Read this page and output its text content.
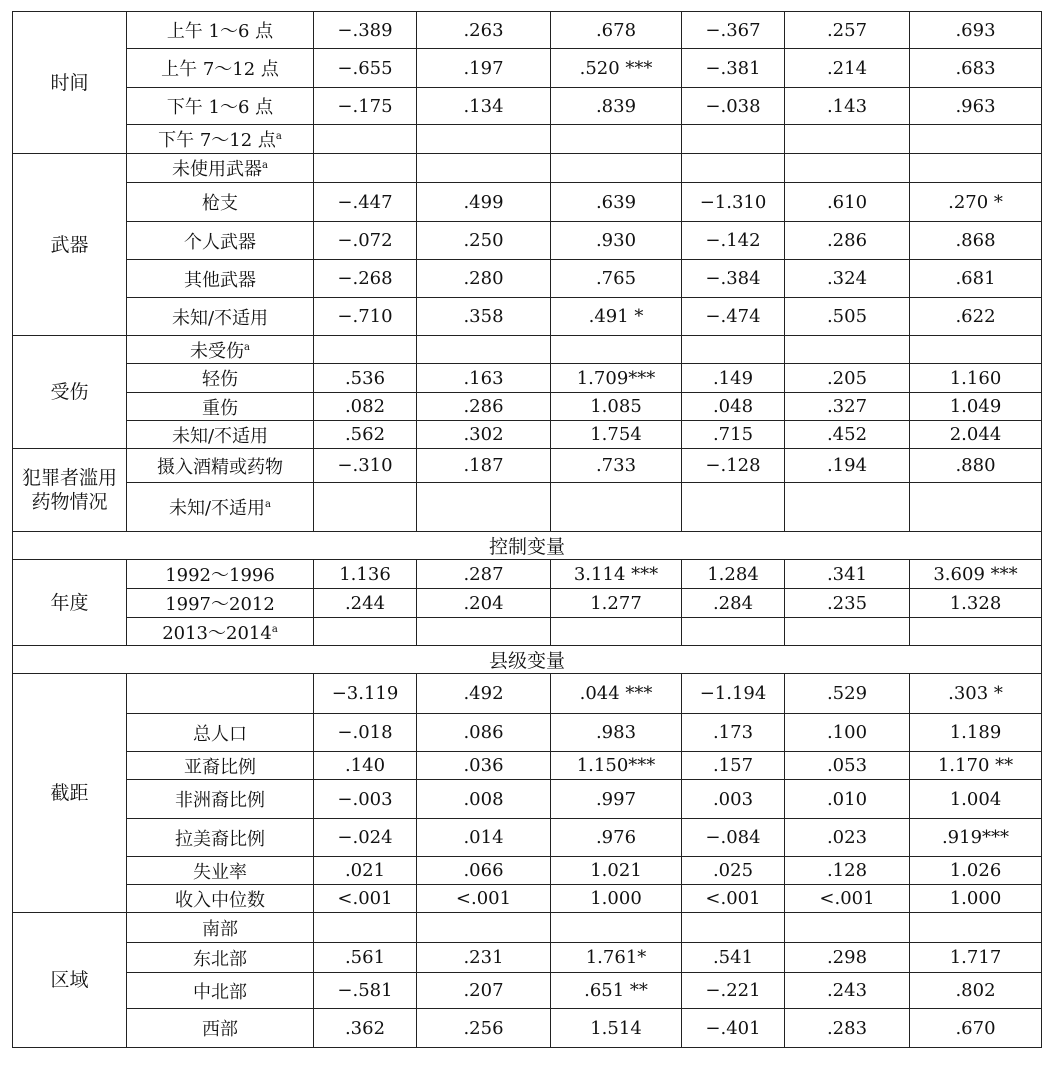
时间	上午 1～6 点	−.389	.263	.678	−.367	.257	.693
	上午 7～12 点	−.655	.197	.520 ***	−.381	.214	.683
	下午 1～6 点	−.175	.134	.839	−.038	.143	.963
	下午 7～12 点$^a$						
武器	未使用武器$^a$						
	枪支	−.447	.499	.639	−1.310	.610	.270 *
	个人武器	−.072	.250	.930	−.142	.286	.868
	其他武器	−.268	.280	.765	−.384	.324	.681
	未知/不适用	−.710	.358	.491 *	−.474	.505	.622
受伤	未受伤$^a$						
	轻伤	.536	.163	1.709***	.149	.205	1.160
	重伤	.082	.286	1.085	.048	.327	1.049
	未知/不适用	.562	.302	1.754	.715	.452	2.044
犯罪者滥用药物情况	摄入酒精或药物	−.310	.187	.733	−.128	.194	.880
	未知/不适用$^a$						
控制变量							
年度	1992～1996	1.136	.287	3.114 ***	1.284	.341	3.609 ***
	1997～2012	.244	.204	1.277	.284	.235	1.328
	2013～2014$^a$						
县级变量							
截距		−3.119	.492	.044 ***	−1.194	.529	.303 *
	总人口	−.018	.086	.983	.173	.100	1.189
	亚裔比例	.140	.036	1.150***	.157	.053	1.170 **
	非洲裔比例	−.003	.008	.997	.003	.010	1.004
	拉美裔比例	−.024	.014	.976	−.084	.023	.919***
	失业率	.021	.066	1.021	.025	.128	1.026
	收入中位数	<.001	<.001	1.000	<.001	<.001	1.000
区域	南部						
	东北部	.561	.231	1.761*	.541	.298	1.717
	中北部	−.581	.207	.651 **	−.221	.243	.802
	西部	.362	.256	1.514	−.401	.283	.670
